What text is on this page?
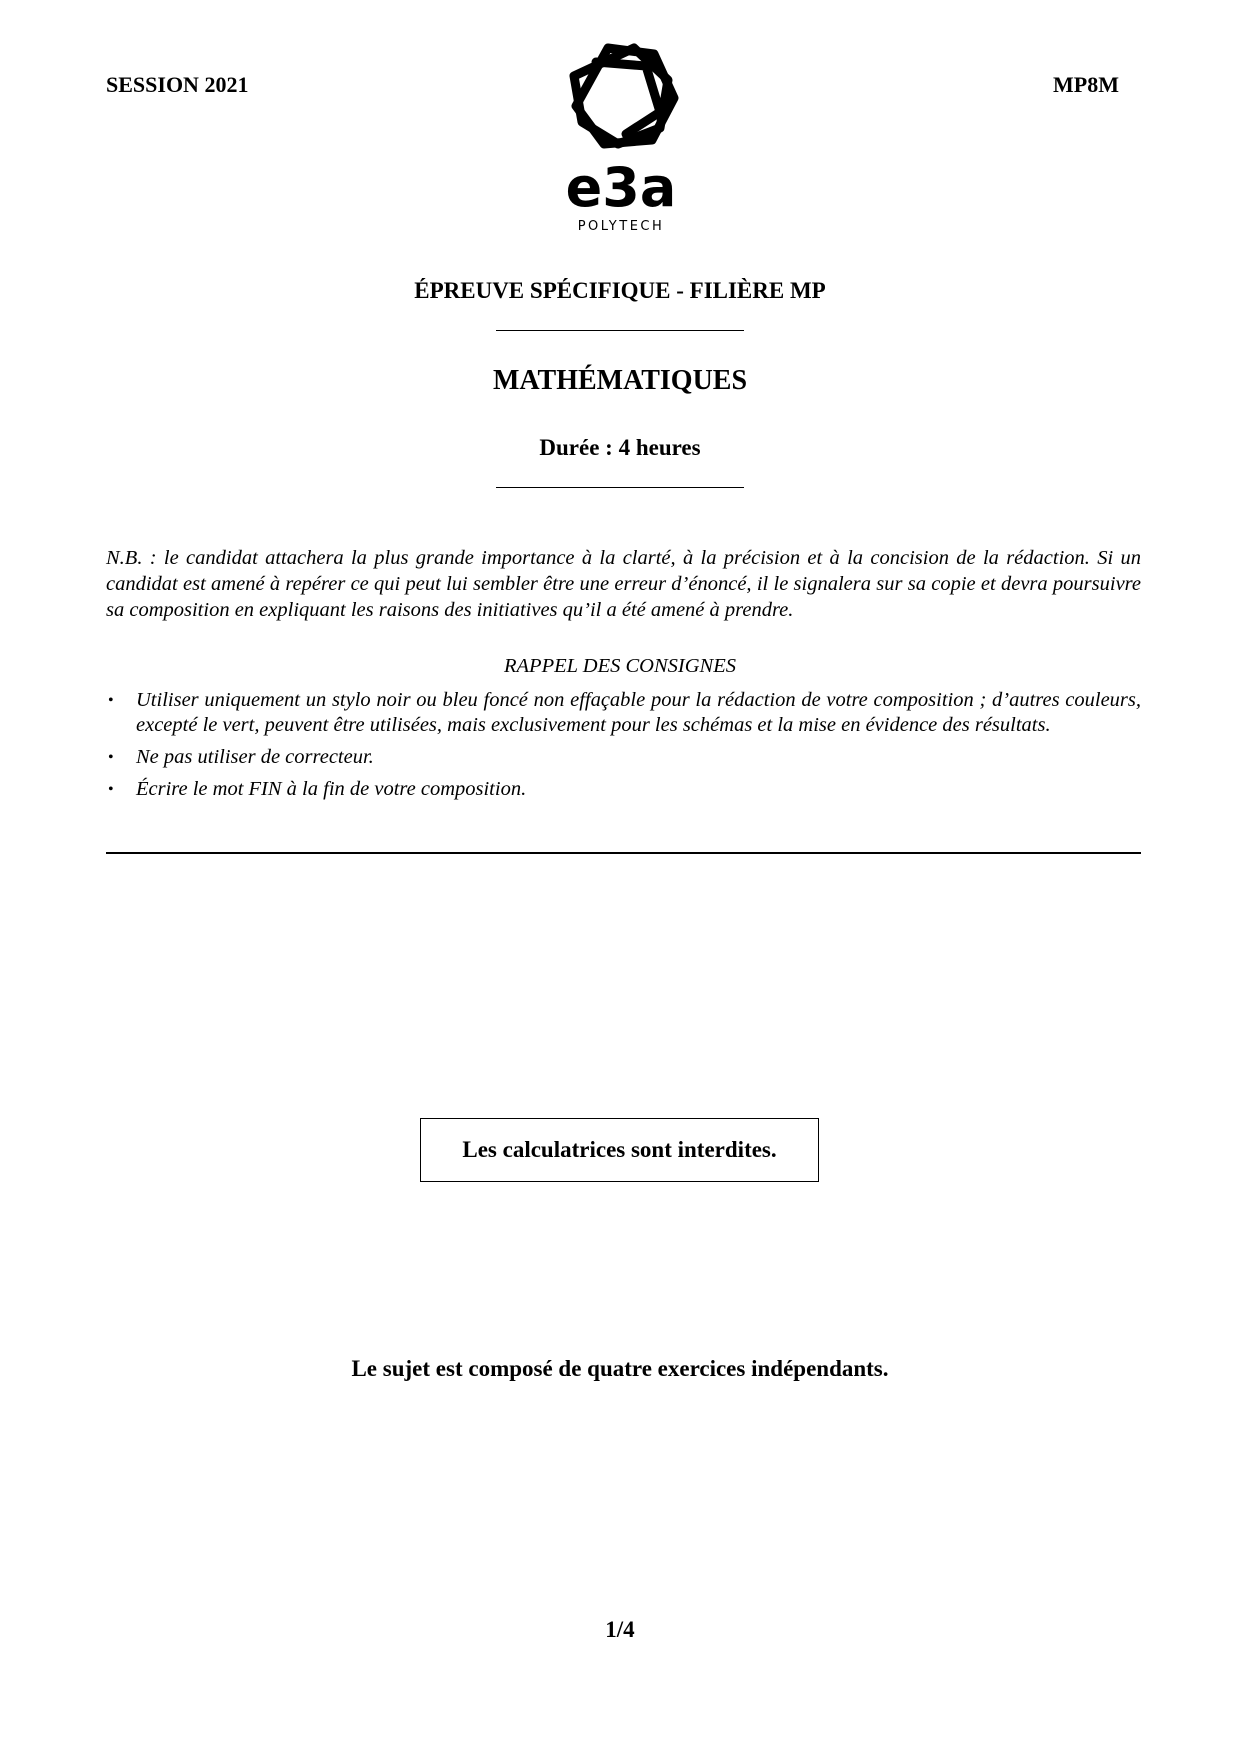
SESSION 2021	MP8M
e3a
POLYTECH
ÉPREUVE SPÉCIFIQUE - FILIÈRE MP
MATHÉMATIQUES
Durée : 4 heures
N.B. : le candidat attachera la plus grande importance à la clarté, à la précision et à la concision de la rédaction. Si un candidat est amené à repérer ce qui peut lui sembler être une erreur d’énoncé, il le signalera sur sa copie et devra poursuivre sa composition en expliquant les raisons des initiatives qu’il a été amené à prendre.
RAPPEL DES CONSIGNES
• Utiliser uniquement un stylo noir ou bleu foncé non effaçable pour la rédaction de votre composition ; d’autres couleurs, excepté le vert, peuvent être utilisées, mais exclusivement pour les schémas et la mise en évidence des résultats.
• Ne pas utiliser de correcteur.
• Écrire le mot FIN à la fin de votre composition.
Les calculatrices sont interdites.
Le sujet est composé de quatre exercices indépendants.
1/4
